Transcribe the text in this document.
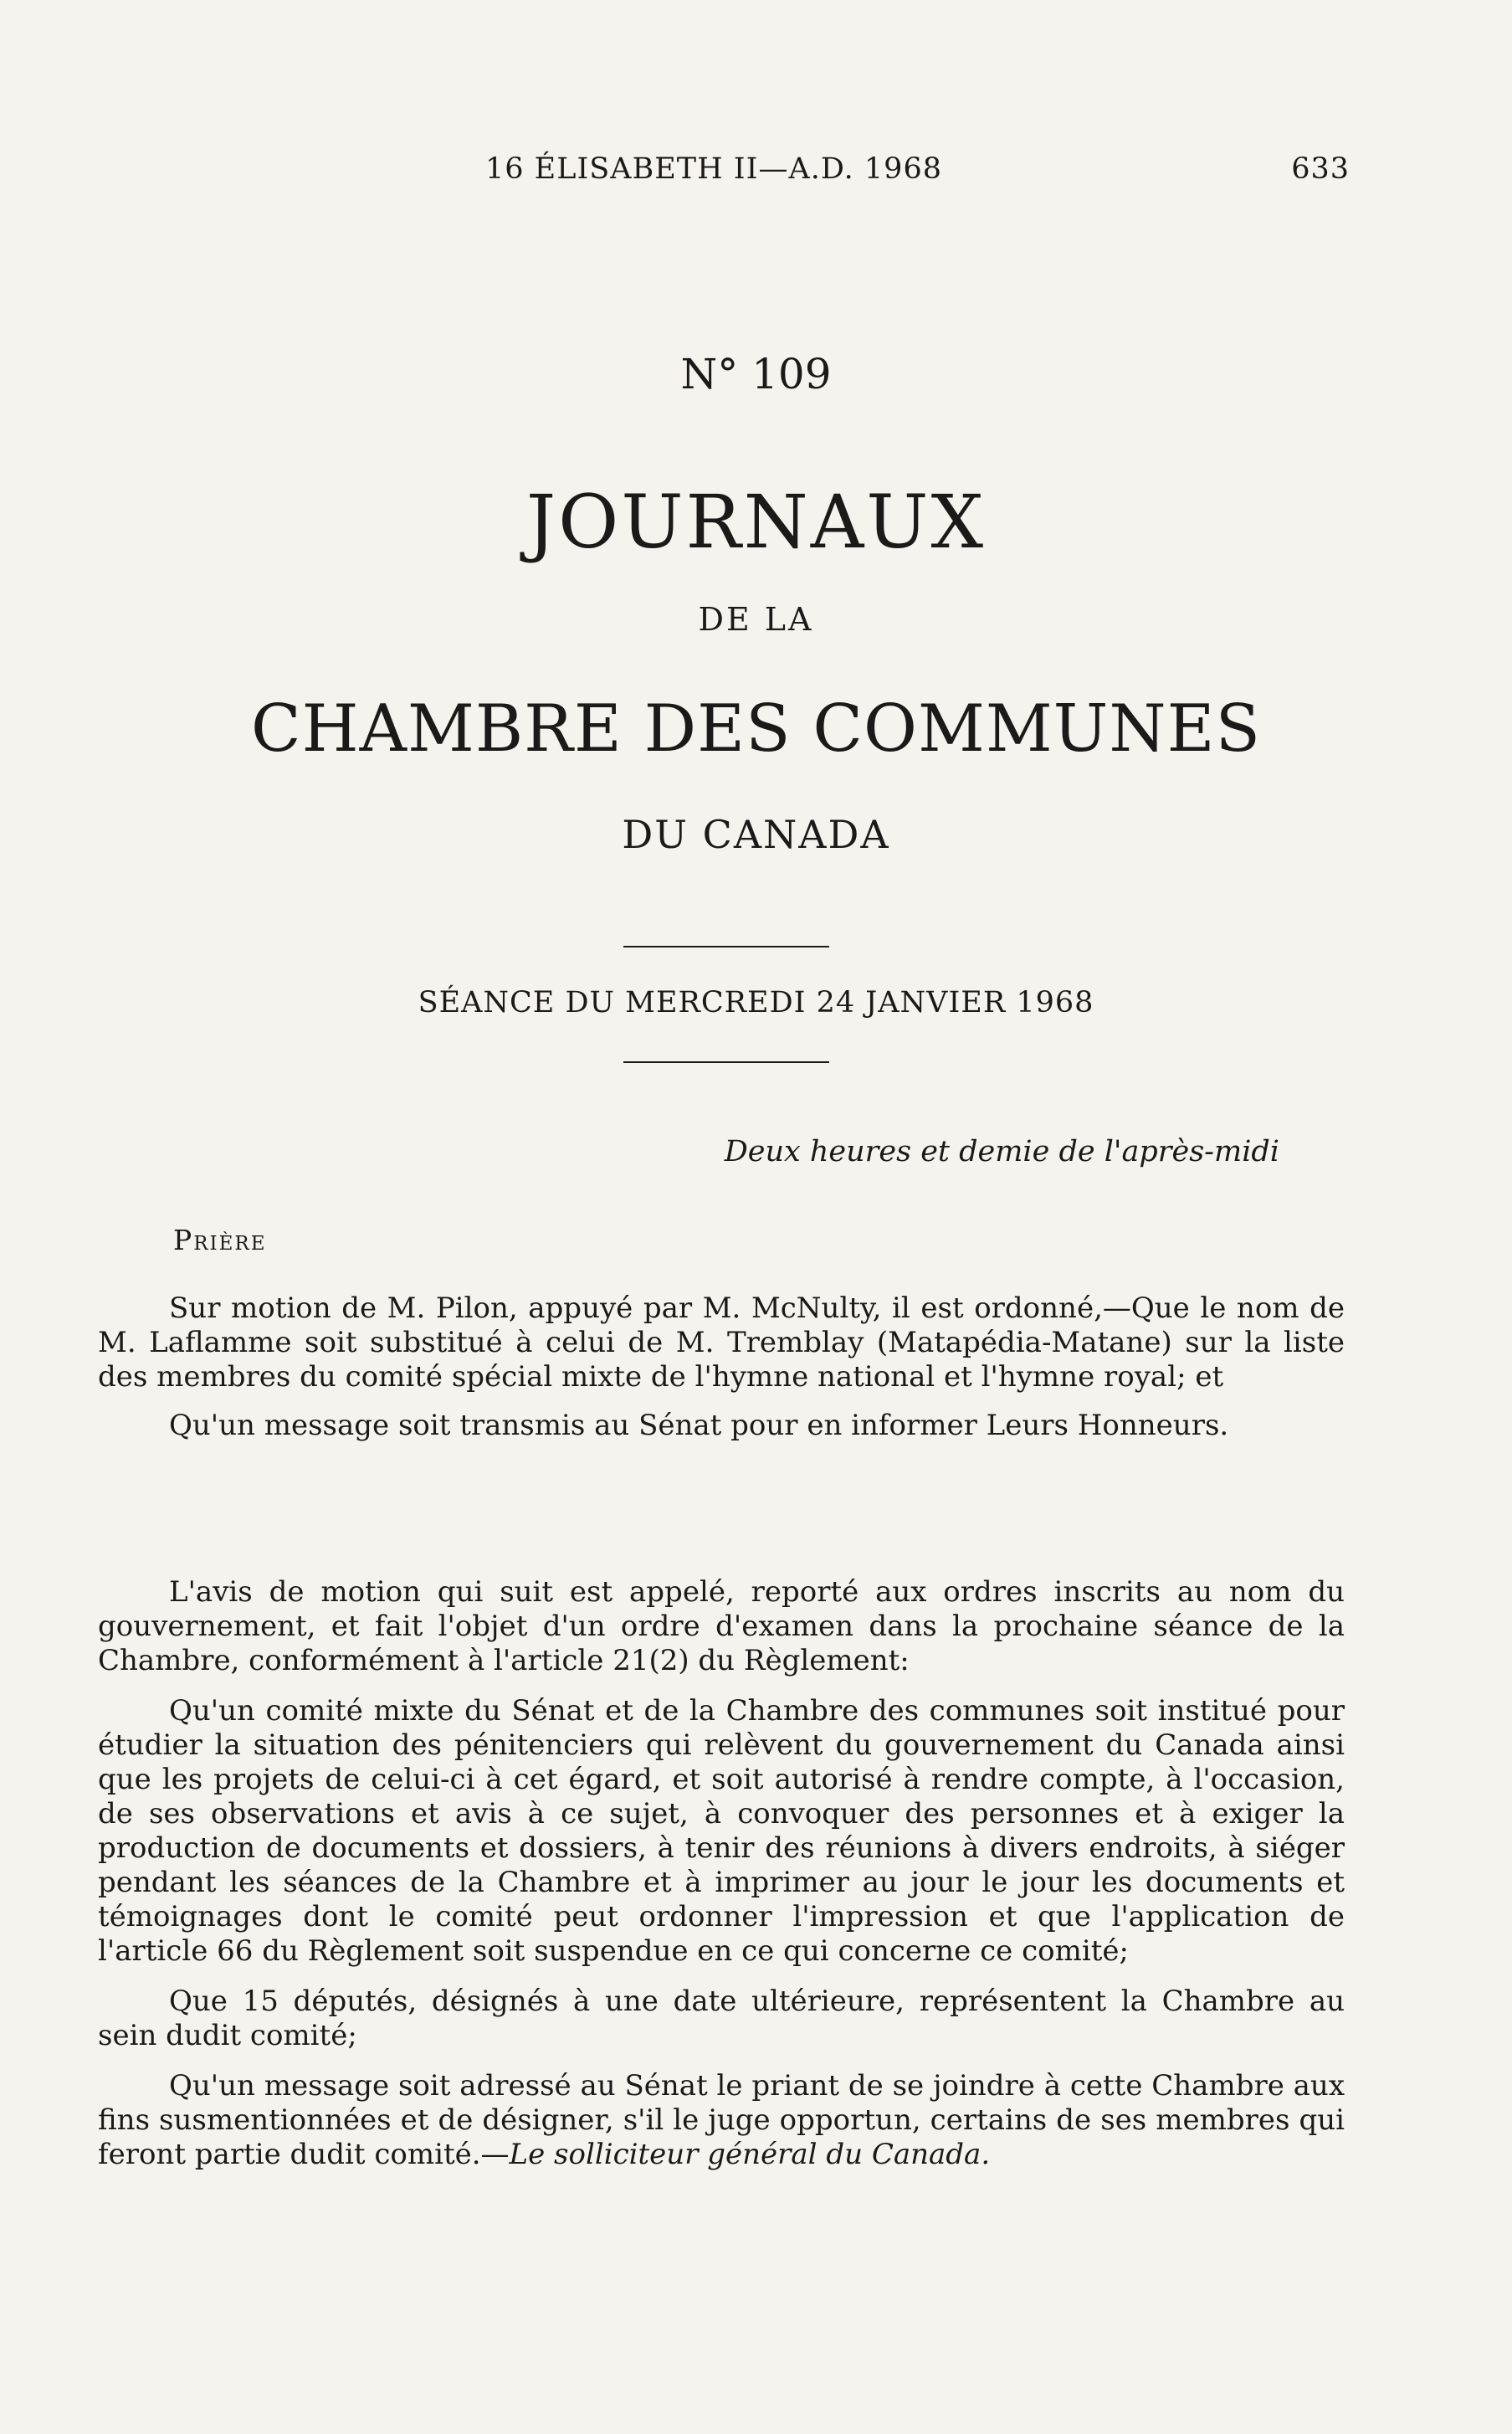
16 ÉLISABETH II—A.D. 1968	633
N° 109
JOURNAUX
DE LA
CHAMBRE DES COMMUNES
DU CANADA
SÉANCE DU MERCREDI 24 JANVIER 1968
Deux heures et demie de l'après-midi
Prière

Sur motion de M. Pilon, appuyé par M. McNulty, il est ordonné,—Que le nom de M. Laflamme soit substitué à celui de M. Tremblay (Matapédia-Matane) sur la liste des membres du comité spécial mixte de l'hymne national et l'hymne royal; et

Qu'un message soit transmis au Sénat pour en informer Leurs Honneurs.

L'avis de motion qui suit est appelé, reporté aux ordres inscrits au nom du gouvernement, et fait l'objet d'un ordre d'examen dans la prochaine séance de la Chambre, conformément à l'article 21(2) du Règlement:

Qu'un comité mixte du Sénat et de la Chambre des communes soit institué pour étudier la situation des pénitenciers qui relèvent du gouvernement du Canada ainsi que les projets de celui-ci à cet égard, et soit autorisé à rendre compte, à l'occasion, de ses observations et avis à ce sujet, à convoquer des personnes et à exiger la production de documents et dossiers, à tenir des réunions à divers endroits, à siéger pendant les séances de la Chambre et à imprimer au jour le jour les documents et témoignages dont le comité peut ordonner l'impression et que l'application de l'article 66 du Règlement soit suspendue en ce qui concerne ce comité;

Que 15 députés, désignés à une date ultérieure, représentent la Chambre au sein dudit comité;

Qu'un message soit adressé au Sénat le priant de se joindre à cette Chambre aux fins susmentionnées et de désigner, s'il le juge opportun, certains de ses membres qui feront partie dudit comité.—Le solliciteur général du Canada.
